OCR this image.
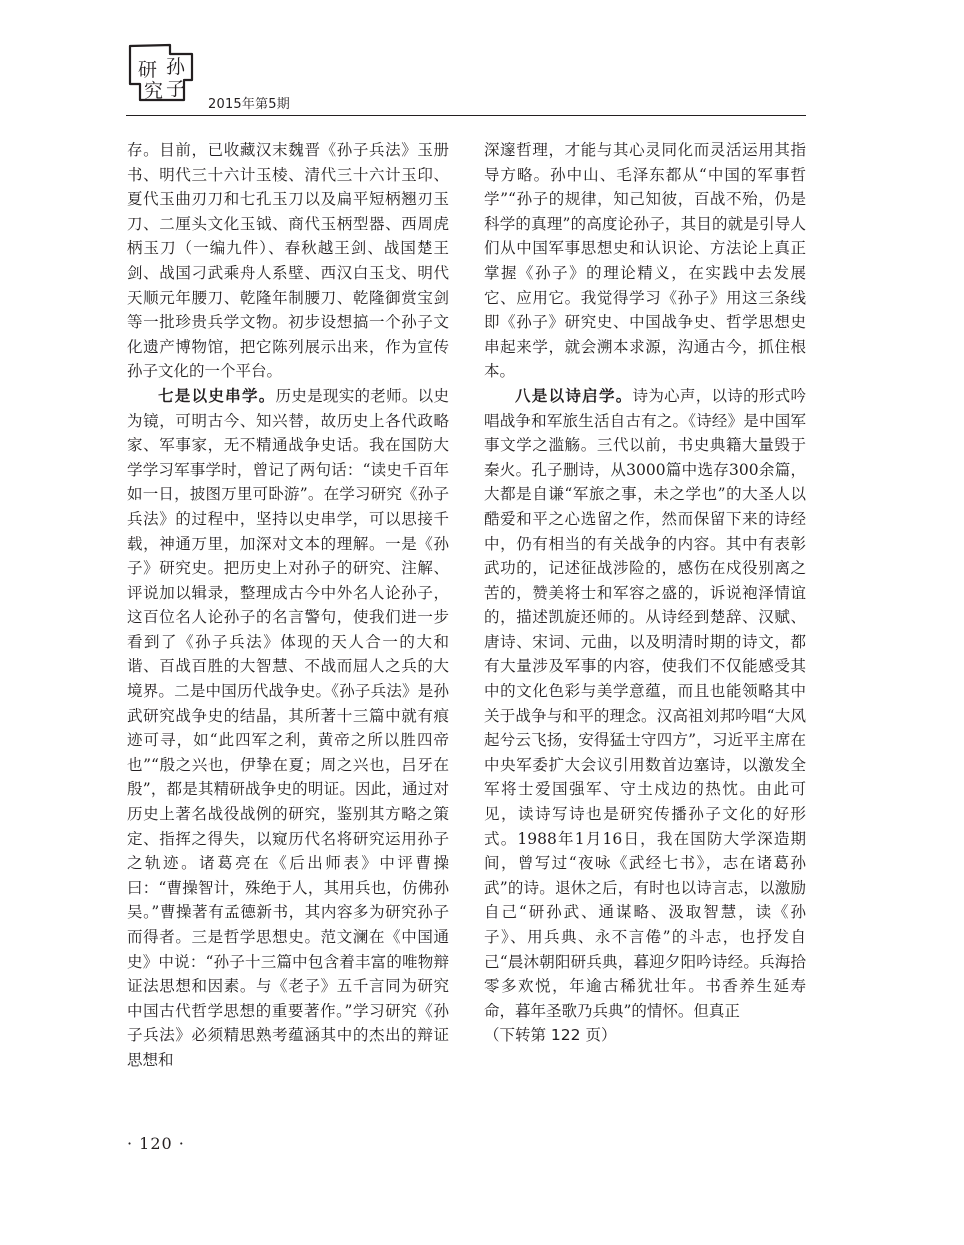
研 孙
究 子
2015年第5期

存。目前，已收藏汉末魏晋《孙子兵法》玉册书、明代三十六计玉棱、清代三十六计玉印、夏代玉曲刃刀和七孔玉刀以及扁平短柄翘刃玉刀、二厘头文化玉钺、商代玉柄型器、西周虎柄玉刀（一编九件）、春秋越王剑、战国楚王剑、战国刁武乘舟人系壁、西汉白玉戈、明代天顺元年腰刀、乾隆年制腰刀、乾隆御赏宝剑等一批珍贵兵学文物。初步设想搞一个孙子文化遗产博物馆，把它陈列展示出来，作为宣传孙子文化的一个平台。

七是以史串学。历史是现实的老师。以史为镜，可明古今、知兴替，故历史上各代政略家、军事家，无不精通战争史话。我在国防大学学习军事学时，曾记了两句话：“读史千百年如一日，披图万里可卧游”。在学习研究《孙子兵法》的过程中，坚持以史串学，可以思接千载，神通万里，加深对文本的理解。一是《孙子》研究史。把历史上对孙子的研究、注解、评说加以辑录，整理成古今中外名人论孙子，这百位名人论孙子的名言警句，使我们进一步看到了《孙子兵法》体现的天人合一的大和谐、百战百胜的大智慧、不战而屈人之兵的大境界。二是中国历代战争史。《孙子兵法》是孙武研究战争史的结晶，其所著十三篇中就有痕迹可寻，如“此四军之利，黄帝之所以胜四帝也”“殷之兴也，伊挚在夏；周之兴也，吕牙在殷”，都是其精研战争史的明证。因此，通过对历史上著名战役战例的研究，鉴别其方略之策定、指挥之得失，以窥历代名将研究运用孙子之轨迹。诸葛亮在《后出师表》中评曹操曰：“曹操智计，殊绝于人，其用兵也，仿佛孙吴。”曹操著有孟德新书，其内容多为研究孙子而得者。三是哲学思想史。范文澜在《中国通史》中说：“孙子十三篇中包含着丰富的唯物辩证法思想和因素。与《老子》五千言同为研究中国古代哲学思想的重要著作。”学习研究《孙子兵法》必须精思熟考蕴涵其中的杰出的辩证思想和

深邃哲理，才能与其心灵同化而灵活运用其指导方略。孙中山、毛泽东都从“中国的军事哲学”“孙子的规律，知己知彼，百战不殆，仍是科学的真理”的高度论孙子，其目的就是引导人们从中国军事思想史和认识论、方法论上真正掌握《孙子》的理论精义，在实践中去发展它、应用它。我觉得学习《孙子》用这三条线即《孙子》研究史、中国战争史、哲学思想史串起来学，就会溯本求源，沟通古今，抓住根本。

八是以诗启学。诗为心声，以诗的形式吟唱战争和军旅生活自古有之。《诗经》是中国军事文学之滥觞。三代以前，书史典籍大量毁于秦火。孔子删诗，从3000篇中选存300余篇，大都是自谦“军旅之事，未之学也”的大圣人以酷爱和平之心选留之作，然而保留下来的诗经中，仍有相当的有关战争的内容。其中有表彰武功的，记述征战涉险的，感伤在戍役别离之苦的，赞美将士和军容之盛的，诉说袍泽情谊的，描述凯旋还师的。从诗经到楚辞、汉赋、唐诗、宋词、元曲，以及明清时期的诗文，都有大量涉及军事的内容，使我们不仅能感受其中的文化色彩与美学意蕴，而且也能领略其中关于战争与和平的理念。汉高祖刘邦吟唱“大风起兮云飞扬，安得猛士守四方”，习近平主席在中央军委扩大会议引用数首边塞诗，以激发全军将士爱国强军、守土戍边的热忱。由此可见，读诗写诗也是研究传播孙子文化的好形式。1988年1月16日，我在国防大学深造期间，曾写过“夜咏《武经七书》，志在诸葛孙武”的诗。退休之后，有时也以诗言志，以激励自己“研孙武、通谋略、汲取智慧，读《孙子》、用兵典、永不言倦”的斗志，也抒发自己“晨沐朝阳研兵典，暮迎夕阳吟诗经。兵海拾零多欢悦，年逾古稀犹壮年。书香养生延寿命，暮年圣歌乃兵典”的情怀。但真正

（下转第 122 页）

· 120 ·
